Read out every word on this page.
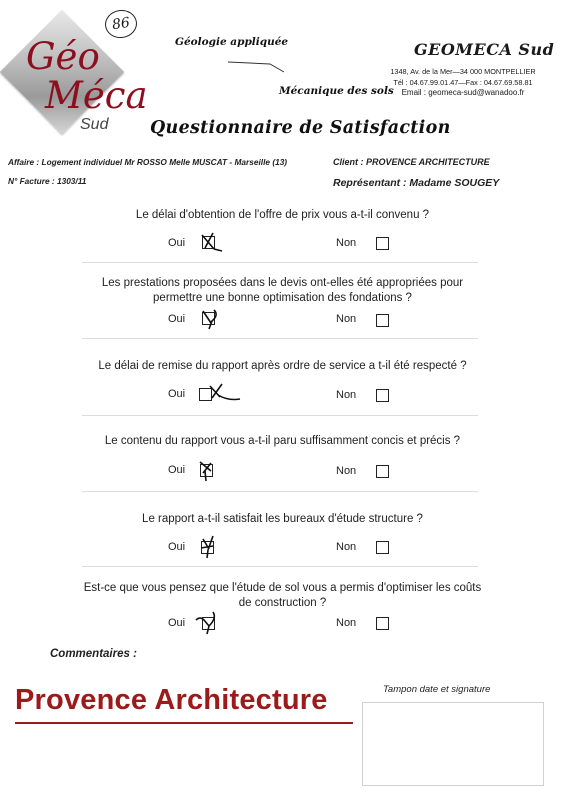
86
Géo
Méca
Sud
Géologie appliquée
Mécanique des sols
GEOMECA Sud
1348, Av. de la Mer—34 000 MONTPELLIER
Tél : 04.67.99.01.47—Fax : 04.67.69.58.81
Email : geomeca-sud@wanadoo.fr
Questionnaire de Satisfaction
Affaire : Logement individuel Mr ROSSO Melle MUSCAT - Marseille (13)	Client : PROVENCE ARCHITECTURE
N° Facture : 1303/11	Représentant : Madame SOUGEY
Le délai d'obtention de l'offre de prix vous a-t-il convenu ?
Oui	Non
Les prestations proposées dans le devis ont-elles été appropriées pour permettre une bonne optimisation des fondations ?
Oui	Non
Le délai de remise du rapport après ordre de service a t-il été respecté ?
Oui	Non
Le contenu du rapport vous a-t-il paru suffisamment concis et précis ?
Oui	Non
Le rapport a-t-il satisfait les bureaux d'étude structure ?
Oui	Non
Est-ce que vous pensez que l'étude de sol vous a permis d'optimiser les coûts de construction ?
Oui	Non
Commentaires :
Provence Architecture	Tampon date et signature
